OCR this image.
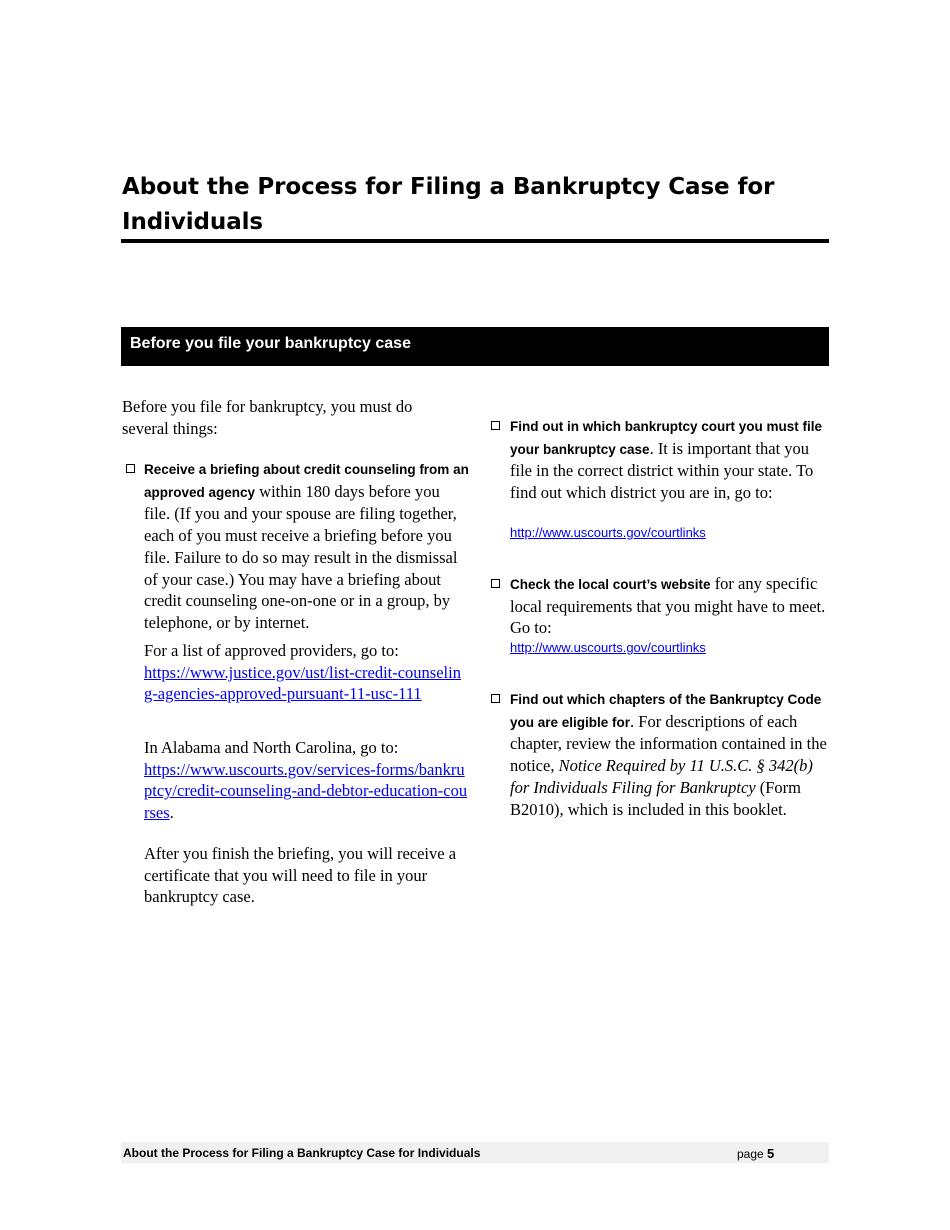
About the Process for Filing a Bankruptcy Case for Individuals
Before you file your bankruptcy case

Before you file for bankruptcy, you must do several things:

Receive a briefing about credit counseling from an approved agency within 180 days before you file. (If you and your spouse are filing together, each of you must receive a briefing before you file. Failure to do so may result in the dismissal of your case.) You may have a briefing about credit counseling one-on-one or in a group, by telephone, or by internet.

For a list of approved providers, go to:
https://www.justice.gov/ust/list-credit-counseling-agencies-approved-pursuant-11-usc-111

In Alabama and North Carolina, go to:
https://www.uscourts.gov/services-forms/bankruptcy/credit-counseling-and-debtor-education-courses.

After you finish the briefing, you will receive a certificate that you will need to file in your bankruptcy case.

Find out in which bankruptcy court you must file your bankruptcy case. It is important that you file in the correct district within your state. To find out which district you are in, go to:

http://www.uscourts.gov/courtlinks

Check the local court’s website for any specific local requirements that you might have to meet. Go to:

http://www.uscourts.gov/courtlinks

Find out which chapters of the Bankruptcy Code you are eligible for. For descriptions of each chapter, review the information contained in the notice, Notice Required by 11 U.S.C. § 342(b) for Individuals Filing for Bankruptcy (Form B2010), which is included in this booklet.

About the Process for Filing a Bankruptcy Case for Individuals	page 5
